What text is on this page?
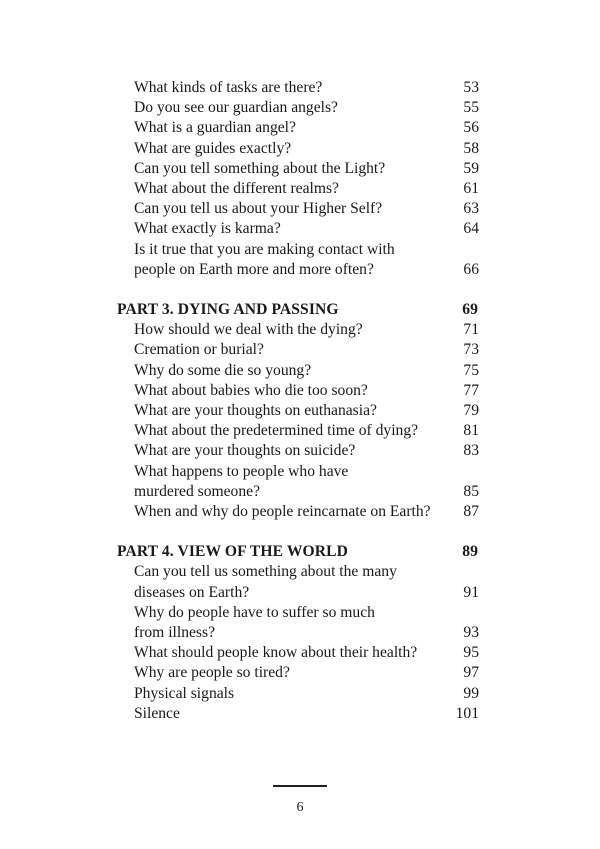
What kinds of tasks are there?	53
Do you see our guardian angels?	55
What is a guardian angel?	56
What are guides exactly?	58
Can you tell something about the Light?	59
What about the different realms?	61
Can you tell us about your Higher Self?	63
What exactly is karma?	64
Is it true that you are making contact with
people on Earth more and more often?	66
PART 3. DYING AND PASSING	69
How should we deal with the dying?	71
Cremation or burial?	73
Why do some die so young?	75
What about babies who die too soon?	77
What are your thoughts on euthanasia?	79
What about the predetermined time of dying?	81
What are your thoughts on suicide?	83
What happens to people who have
murdered someone?	85
When and why do people reincarnate on Earth?	87
PART 4. VIEW OF THE WORLD	89
Can you tell us something about the many
diseases on Earth?	91
Why do people have to suffer so much
from illness?	93
What should people know about their health?	95
Why are people so tired?	97
Physical signals	99
Silence	101
6
